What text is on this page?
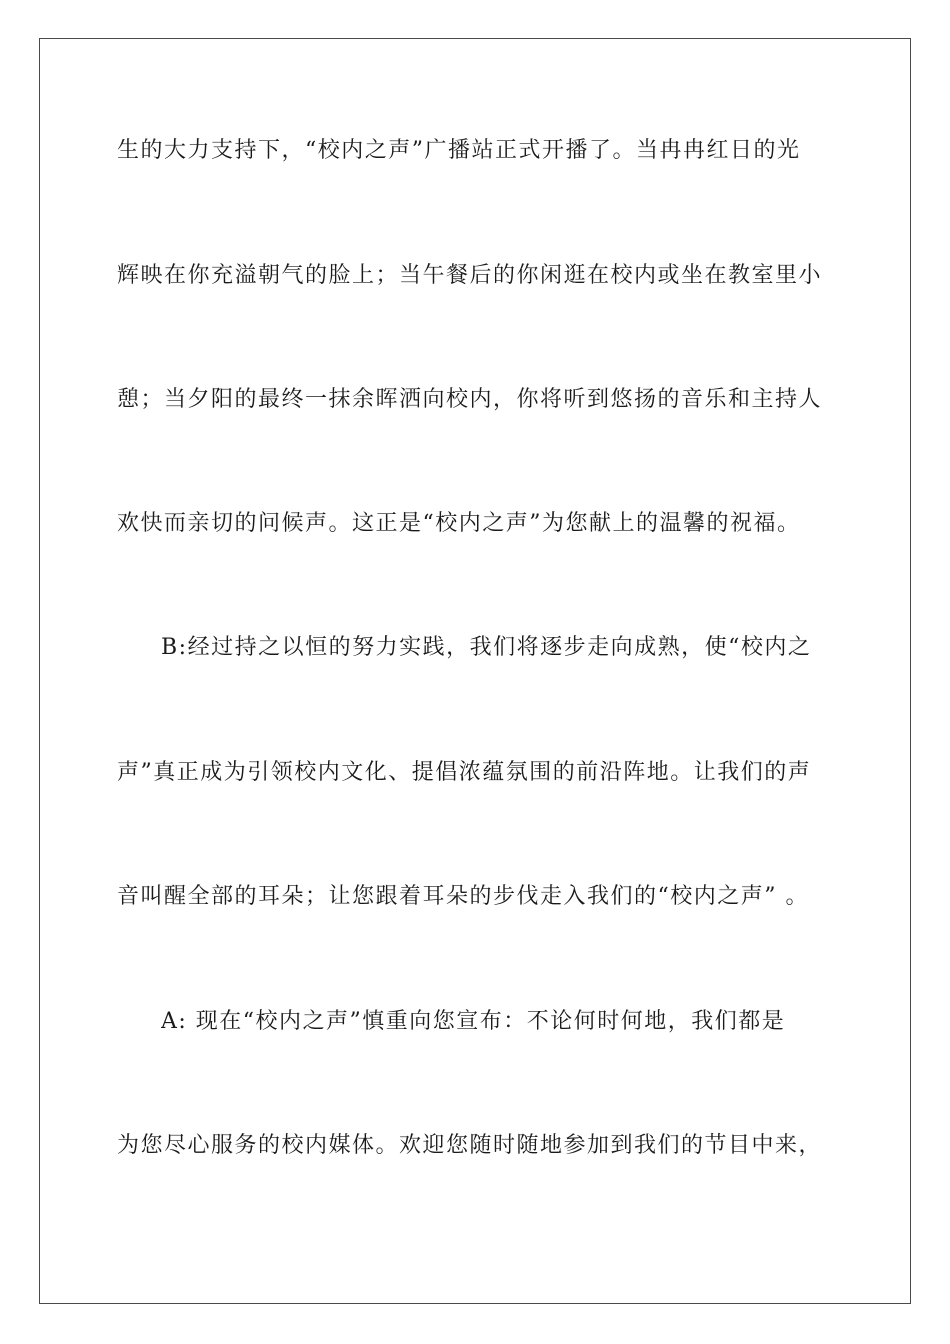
生的大力支持下，“校内之声”广播站正式开播了。当冉冉红日的光
辉映在你充溢朝气的脸上；当午餐后的你闲逛在校内或坐在教室里小
憩；当夕阳的最终一抹余晖洒向校内，你将听到悠扬的音乐和主持人
欢快而亲切的问候声。这正是“校内之声”为您献上的温馨的祝福。
B:经过持之以恒的努力实践，我们将逐步走向成熟，使“校内之
声”真正成为引领校内文化、提倡浓蕴氛围的前沿阵地。让我们的声
音叫醒全部的耳朵；让您跟着耳朵的步伐走入我们的“校内之声” 。
A: 现在“校内之声”慎重向您宣布：不论何时何地，我们都是
为您尽心服务的校内媒体。欢迎您随时随地参加到我们的节目中来，
